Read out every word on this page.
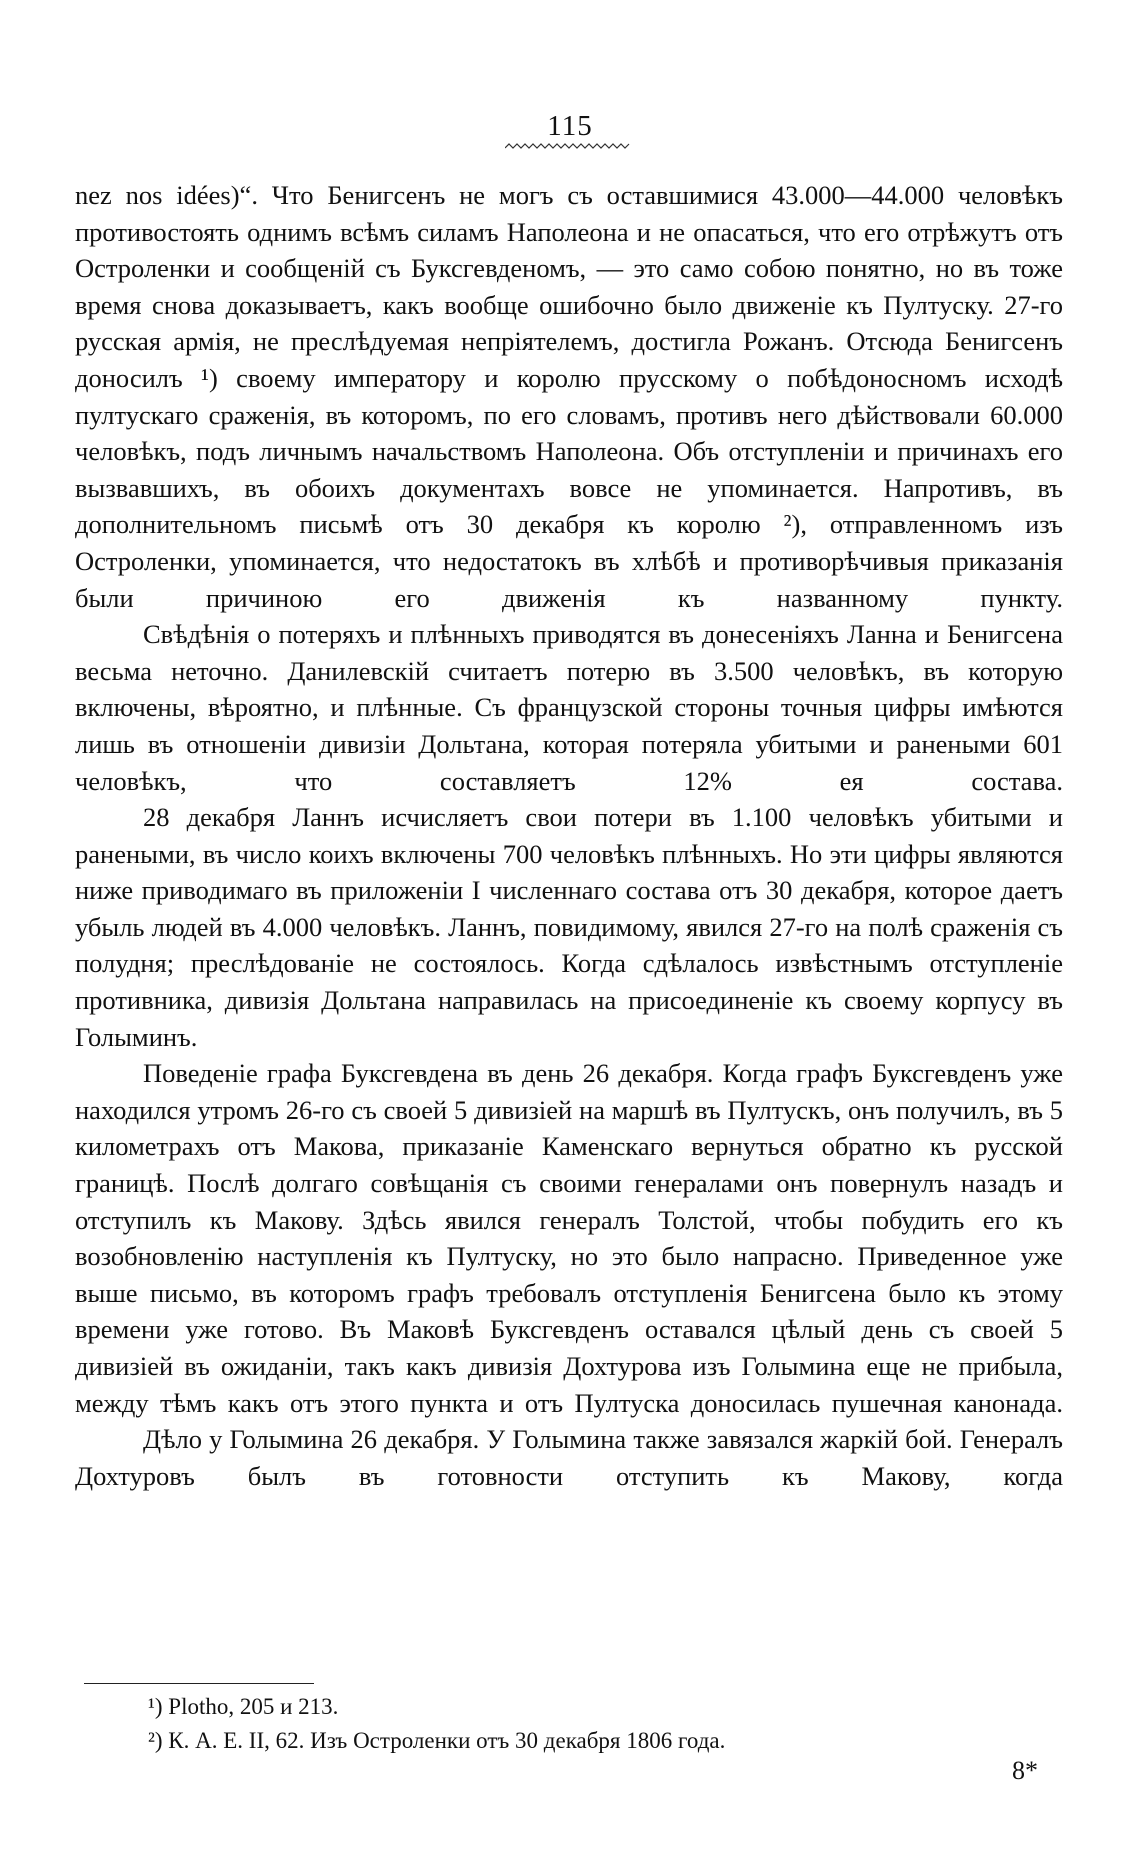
115

nez nos idées)“. Что Бенигсенъ не могъ съ оставшимися 43.000—44.000 человѣкъ противостоять однимъ всѣмъ силамъ Наполеона и не опасаться, что его отрѣжутъ отъ Остроленки и сообщеній съ Буксгевденомъ, — это само собою понятно, но въ тоже время снова доказываетъ, какъ вообще ошибочно было движеніе къ Пултуску. 27-го русская армія, не преслѣдуемая непріятелемъ, достигла Рожанъ. Отсюда Бенигсенъ доносилъ ¹) своему императору и королю прусскому о побѣдоносномъ исходѣ пултускаго сраженія, въ которомъ, по его словамъ, противъ него дѣйствовали 60.000 человѣкъ, подъ личнымъ начальствомъ Наполеона. Объ отступленіи и причинахъ его вызвавшихъ, въ обоихъ документахъ вовсе не упоминается. Напротивъ, въ дополнительномъ письмѣ отъ 30 декабря къ королю ²), отправленномъ изъ Остроленки, упоминается, что недостатокъ въ хлѣбѣ и противорѣчивыя приказанія были причиною его движенія къ названному пункту.

Свѣдѣнія о потеряхъ и плѣнныхъ приводятся въ донесеніяхъ Ланна и Бенигсена весьма неточно. Данилевскій считаетъ потерю въ 3.500 человѣкъ, въ которую включены, вѣроятно, и плѣнные. Съ французской стороны точныя цифры имѣются лишь въ отношеніи дивизіи Дольтана, которая потеряла убитыми и ранеными 601 человѣкъ, что составляетъ 12% ея состава.

28 декабря Ланнъ исчисляетъ свои потери въ 1.100 человѣкъ убитыми и ранеными, въ число коихъ включены 700 человѣкъ плѣнныхъ. Но эти цифры являются ниже приводимаго въ приложеніи I численнаго состава отъ 30 декабря, которое даетъ убыль людей въ 4.000 человѣкъ. Ланнъ, повидимому, явился 27-го на полѣ сраженія съ полудня; преслѣдованіе не состоялось. Когда сдѣлалось извѣстнымъ отступленіе противника, дивизія Дольтана направилась на присоединеніе къ своему корпусу въ Голыминъ.

Поведеніе графа Буксгевдена въ день 26 декабря. Когда графъ Буксгевденъ уже находился утромъ 26-го съ своей 5 дивизіей на маршѣ въ Пултускъ, онъ получилъ, въ 5 километрахъ отъ Макова, приказаніе Каменскаго вернуться обратно къ русской границѣ. Послѣ долгаго совѣщанія съ своими генералами онъ повернулъ назадъ и отступилъ къ Макову. Здѣсь явился генералъ Толстой, чтобы побудить его къ возобновленію наступленія къ Пултуску, но это было напрасно. Приведенное уже выше письмо, въ которомъ графъ требовалъ отступленія Бенигсена было къ этому времени уже готово. Въ Маковѣ Буксгевденъ оставался цѣлый день съ своей 5 дивизіей въ ожиданіи, такъ какъ дивизія Дохтурова изъ Голымина еще не прибыла, между тѣмъ какъ отъ этого пункта и отъ Пултуска доносилась пушечная канонада.

Дѣло у Голымина 26 декабря. У Голымина также завязался жаркій бой. Генералъ Дохтуровъ былъ въ готовности отступить къ Макову, когда

¹) Plotho, 205 и 213.

²) К. А. Е. II, 62. Изъ Остроленки отъ 30 декабря 1806 года.

8*
